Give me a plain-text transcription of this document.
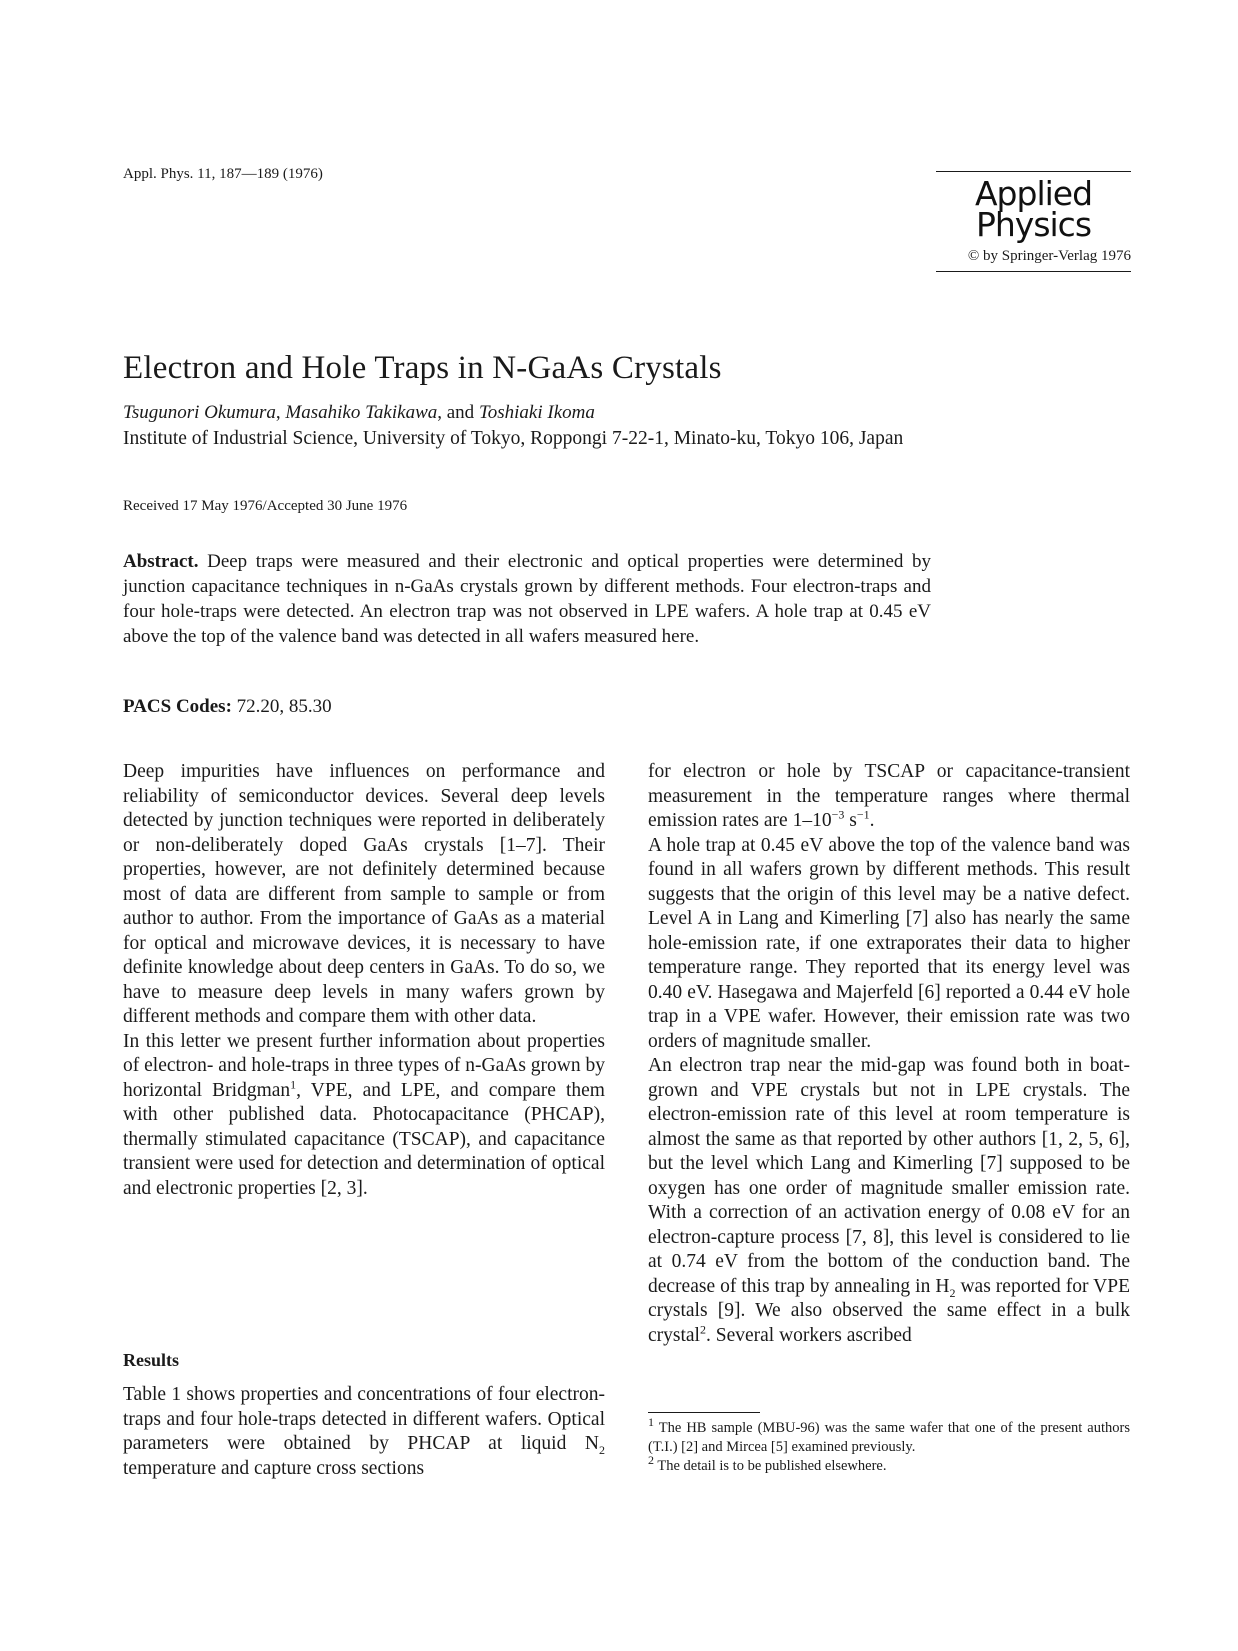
Appl. Phys. 11, 187—189 (1976)	Applied
Physics
© by Springer-Verlag 1976
Electron and Hole Traps in N-GaAs Crystals
Tsugunori Okumura, Masahiko Takikawa, and Toshiaki Ikoma
Institute of Industrial Science, University of Tokyo, Roppongi 7-22-1, Minato-ku, Tokyo 106, Japan
Received 17 May 1976/Accepted 30 June 1976
Abstract. Deep traps were measured and their electronic and optical properties were determined by junction capacitance techniques in n-GaAs crystals grown by different methods. Four electron-traps and four hole-traps were detected. An electron trap was not observed in LPE wafers. A hole trap at 0.45 eV above the top of the valence band was detected in all wafers measured here.
PACS Codes: 72.20, 85.30

Deep impurities have influences on performance and reliability of semiconductor devices. Several deep levels detected by junction techniques were reported in deliberately or non-deliberately doped GaAs crystals [1–7]. Their properties, however, are not definitely determined because most of data are different from sample to sample or from author to author. From the importance of GaAs as a material for optical and microwave devices, it is necessary to have definite knowledge about deep centers in GaAs. To do so, we have to measure deep levels in many wafers grown by different methods and compare them with other data.

In this letter we present further information about properties of electron- and hole-traps in three types of n-GaAs grown by horizontal Bridgman$^1$, VPE, and LPE, and compare them with other published data. Photocapacitance (PHCAP), thermally stimulated capacitance (TSCAP), and capacitance transient were used for detection and determination of optical and electronic properties [2, 3].

Results

Table 1 shows properties and concentrations of four electron-traps and four hole-traps detected in different wafers. Optical parameters were obtained by PHCAP at liquid $N_2$ temperature and capture cross sections

for electron or hole by TSCAP or capacitance-transient measurement in the temperature ranges where thermal emission rates are $1-10^{-3}$ $s^{-1}$.

A hole trap at 0.45 eV above the top of the valence band was found in all wafers grown by different methods. This result suggests that the origin of this level may be a native defect. Level A in Lang and Kimerling [7] also has nearly the same hole-emission rate, if one extraporates their data to higher temperature range. They reported that its energy level was 0.40 eV. Hasegawa and Majerfeld [6] reported a 0.44 eV hole trap in a VPE wafer. However, their emission rate was two orders of magnitude smaller.

An electron trap near the mid-gap was found both in boat-grown and VPE crystals but not in LPE crystals. The electron-emission rate of this level at room temperature is almost the same as that reported by other authors [1, 2, 5, 6], but the level which Lang and Kimerling [7] supposed to be oxygen has one order of magnitude smaller emission rate. With a correction of an activation energy of 0.08 eV for an electron-capture process [7, 8], this level is considered to lie at 0.74 eV from the bottom of the conduction band. The decrease of this trap by annealing in $H_2$ was reported for VPE crystals [9]. We also observed the same effect in a bulk crystal$^2$. Several workers ascribed

$^1$ The HB sample (MBU-96) was the same wafer that one of the present authors (T.I.) [2] and Mircea [5] examined previously.

$^2$ The detail is to be published elsewhere.
